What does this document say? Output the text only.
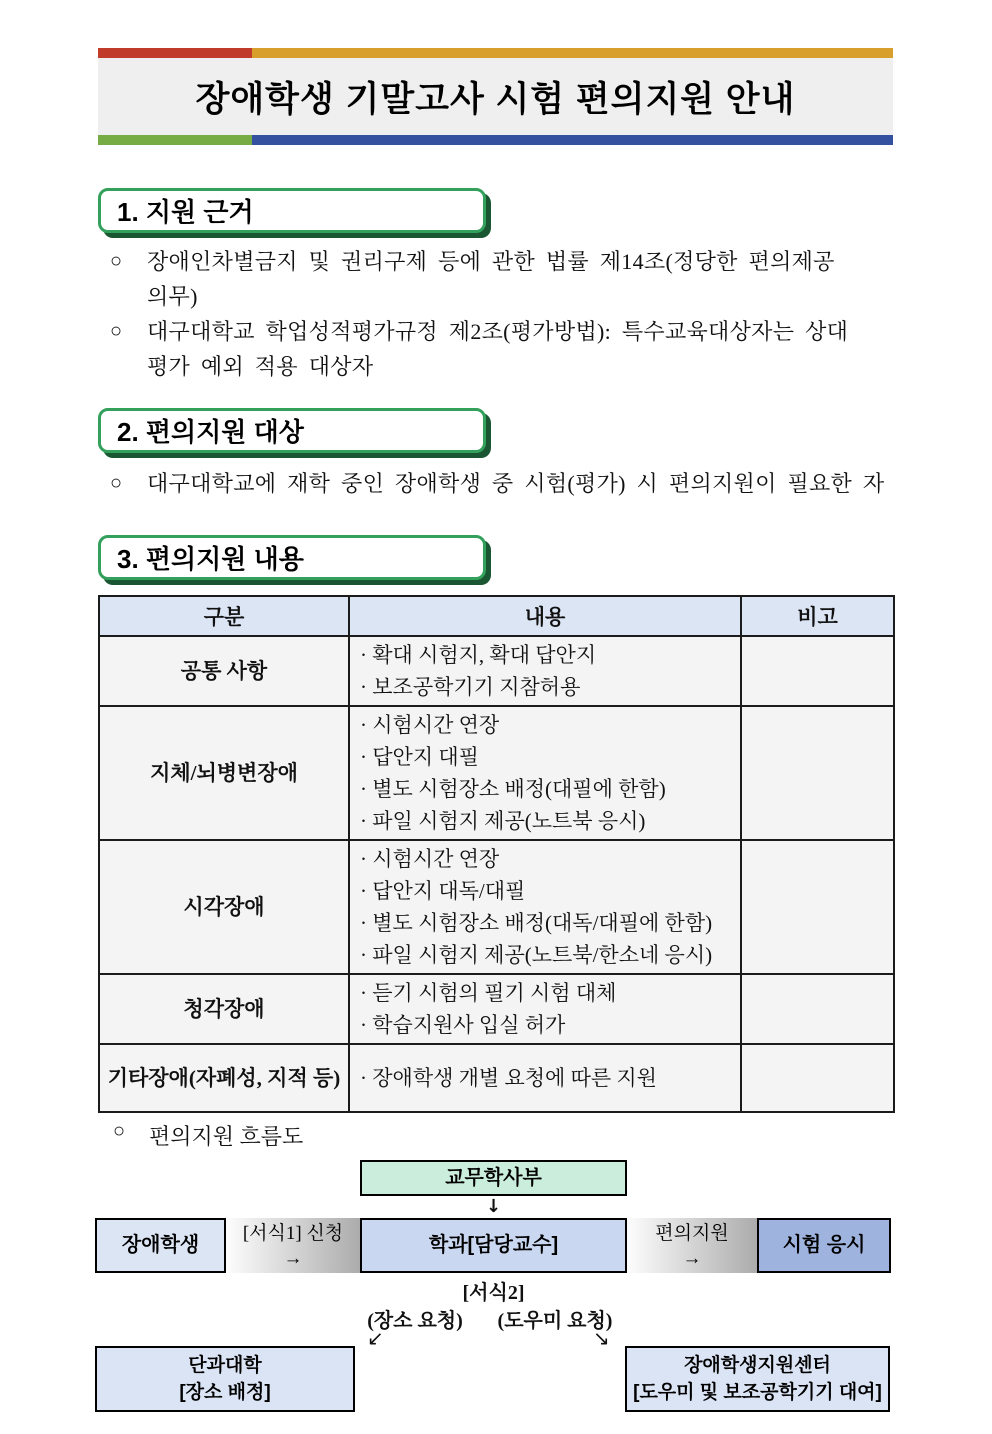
장애학생 기말고사 시험 편의지원 안내
1. 지원 근거
○	장애인차별금지 및 권리구제 등에 관한 법률 제14조(정당한 편의제공
의무)
○	대구대학교 학업성적평가규정 제2조(평가방법): 특수교육대상자는 상대
평가 예외 적용 대상자
2. 편의지원 대상
○	대구대학교에 재학 중인 장애학생 중 시험(평가) 시 편의지원이 필요한 자
3. 편의지원 내용
구분	내용	비고
공통 사항	· 확대 시험지, 확대 답안지
· 보조공학기기 지참허용	

지체/뇌병변장애	· 시험시간 연장
· 답안지 대필
· 별도 시험장소 배정(대필에 한함)
· 파일 시험지 제공(노트북 응시)	

시각장애	· 시험시간 연장
· 답안지 대독/대필
· 별도 시험장소 배정(대독/대필에 한함)
· 파일 시험지 제공(노트북/한소네 응시)	

청각장애	· 듣기 시험의 필기 시험 대체
· 학습지원사 입실 허가	

기타장애(자폐성, 지적 등)	· 장애학생 개별 요청에 따른 지원	

○	편의지원 흐름도
교무학사부
↓
장애학생
[서식1] 신청
→
학과[담당교수]
편의지원
→
시험 응시
[서식2]
(장소 요청)	(도우미 요청)
↙	↘
단과대학
[장소 배정]
장애학생지원센터
[도우미 및 보조공학기기 대여]
